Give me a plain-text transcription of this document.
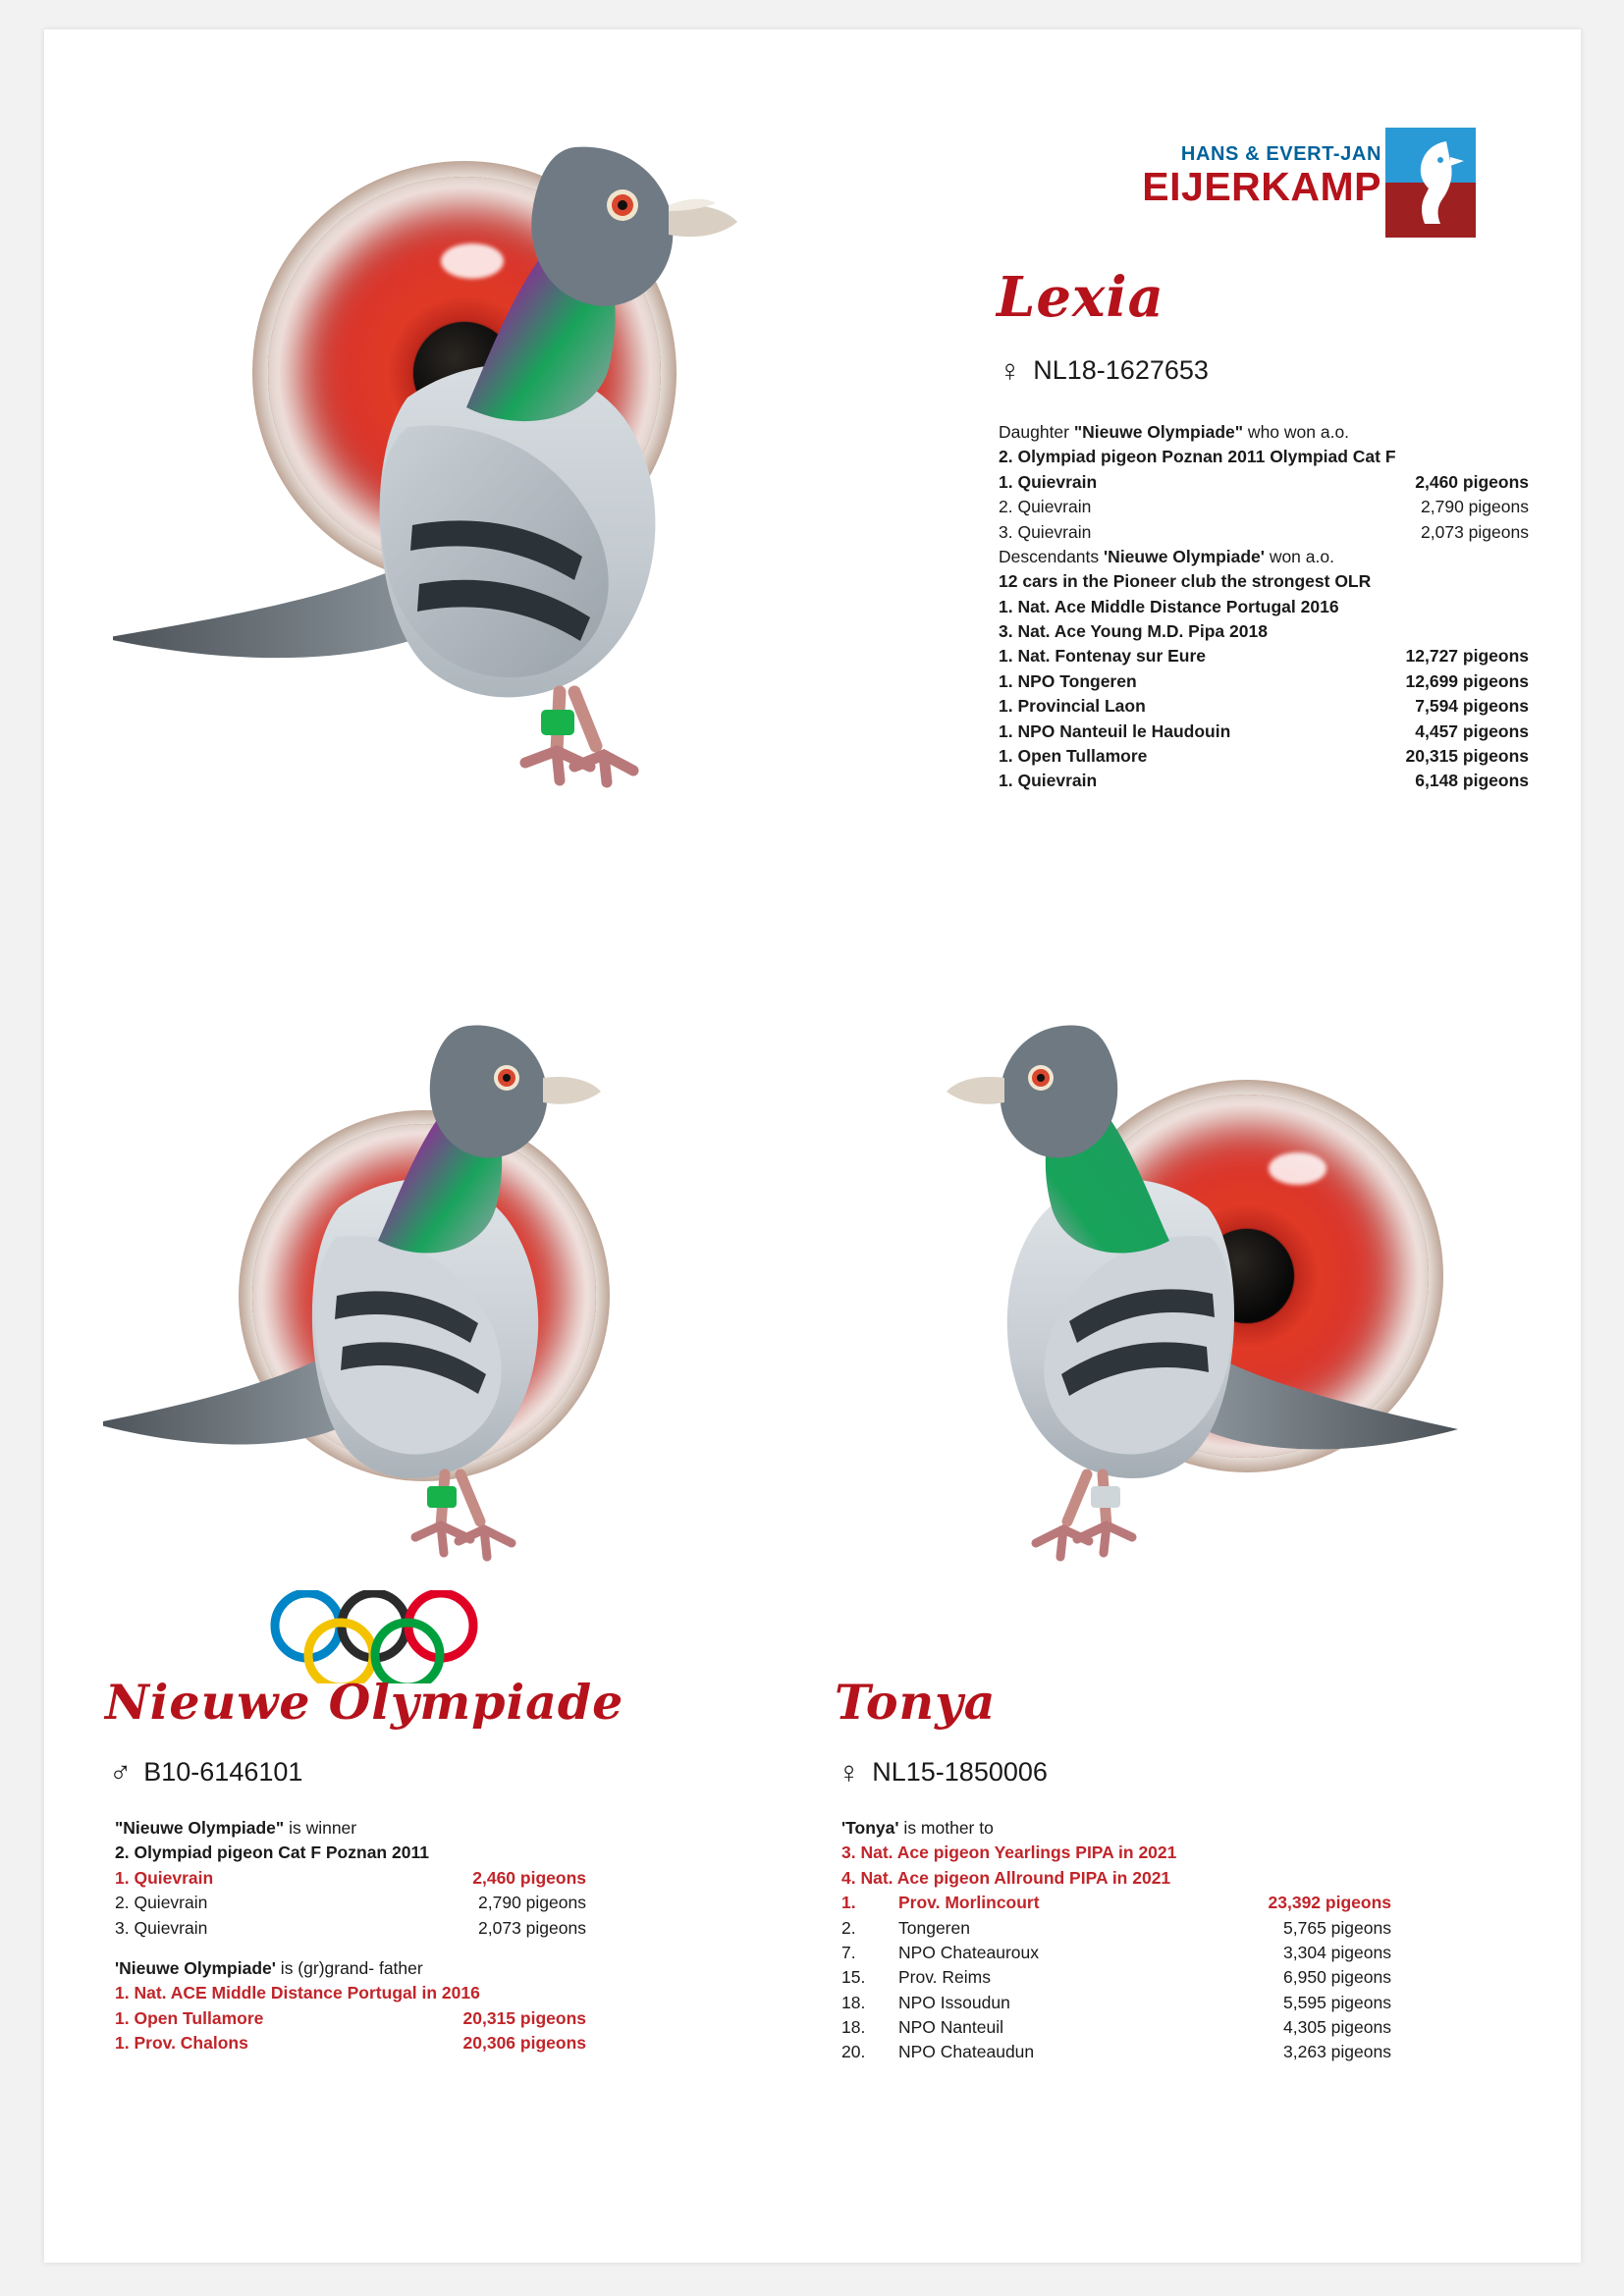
HANS & EVERT-JAN
EIJERKAMP
Lexia
♀ NL18-1627653
Daughter "Nieuwe Olympiade" who won a.o.
2. Olympiad pigeon Poznan 2011 Olympiad Cat F
1. Quievrain	2,460 pigeons
2. Quievrain	2,790 pigeons
3. Quievrain	2,073 pigeons
Descendants 'Nieuwe Olympiade' won a.o.
12 cars in the Pioneer club the strongest OLR
1. Nat. Ace Middle Distance Portugal 2016
3. Nat. Ace Young M.D. Pipa 2018
1. Nat. Fontenay sur Eure	12,727 pigeons
1. NPO Tongeren	12,699 pigeons
1. Provincial Laon	7,594 pigeons
1. NPO Nanteuil le Haudouin	4,457 pigeons
1. Open Tullamore	20,315 pigeons
1. Quievrain	6,148 pigeons
Nieuwe Olympiade
♂ B10-6146101
"Nieuwe Olympiade" is winner
2. Olympiad pigeon Cat F Poznan 2011
1. Quievrain	2,460 pigeons
2. Quievrain	2,790 pigeons
3. Quievrain	2,073 pigeons
'Nieuwe Olympiade' is (gr)grand- father
1. Nat. ACE Middle Distance Portugal in 2016
1. Open Tullamore	20,315 pigeons
1. Prov. Chalons	20,306 pigeons
Tonya
♀ NL15-1850006
'Tonya' is mother to
3. Nat. Ace pigeon Yearlings PIPA in 2021
4. Nat. Ace pigeon Allround PIPA in 2021
1.	Prov. Morlincourt	23,392 pigeons
2.	Tongeren	5,765 pigeons
7.	NPO Chateauroux	3,304 pigeons
15.	Prov. Reims	6,950 pigeons
18.	NPO Issoudun	5,595 pigeons
18.	NPO Nanteuil	4,305 pigeons
20.	NPO Chateaudun	3,263 pigeons
